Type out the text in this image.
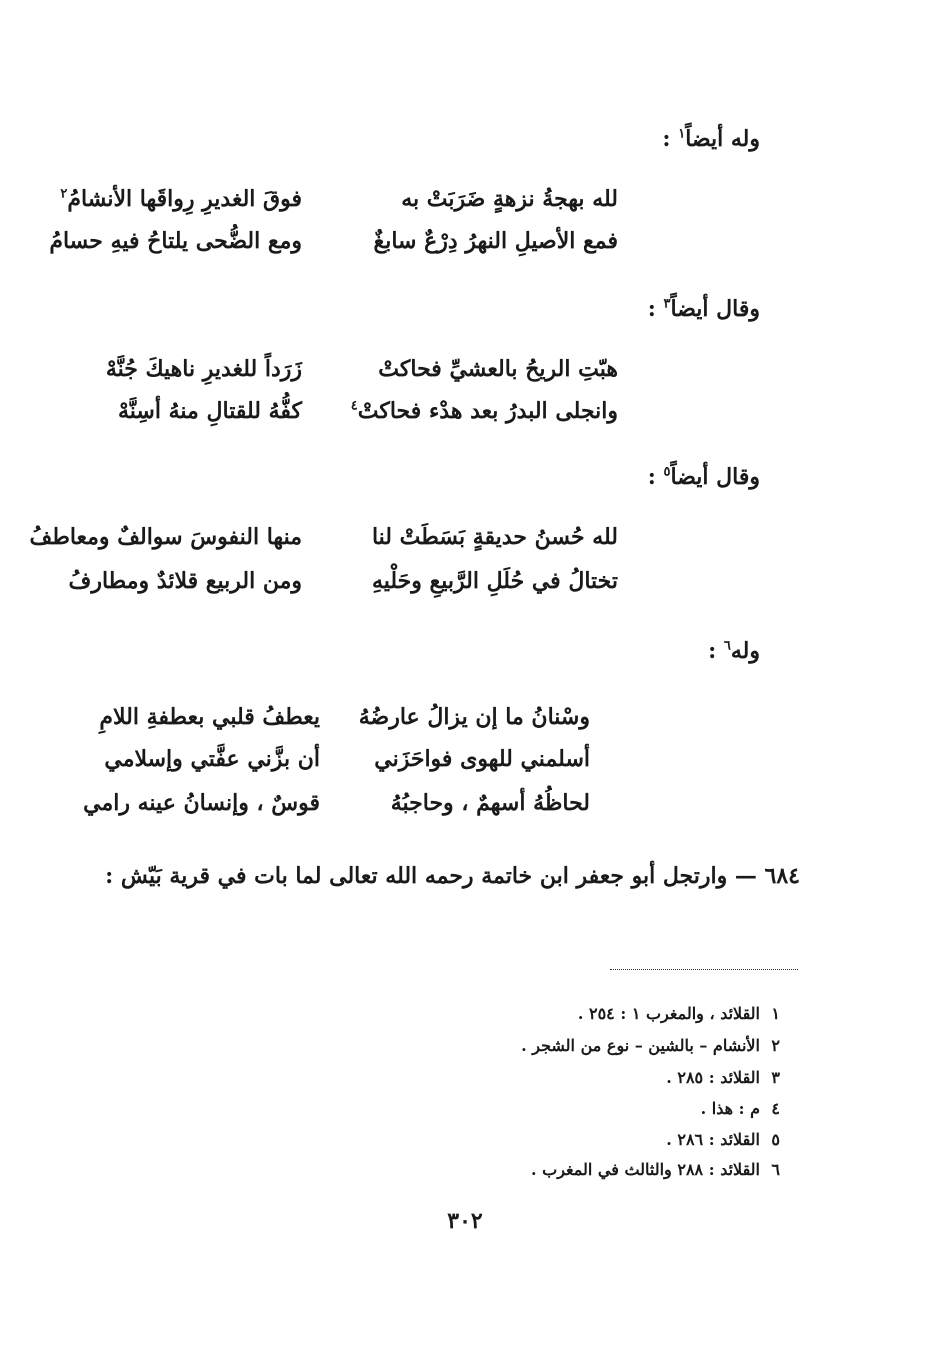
وله أيضاً$^١$ :
لله بهجةُ نزهةٍ ضَرَبَتْ به
فوقَ الغديرِ رِواقَها الأنشامُ$^٢$
فمع الأصيلِ النهرُ دِرْعٌ سابغٌ
ومع الضُّحى يلتاحُ فيهِ حسامُ
وقال أيضاً$^٣$ :
هبّتِ الريحُ بالعشيِّ فحاكتْ
زَرَداً للغديرِ ناهيكَ جُنَّهْ
وانجلى البدرُ بعد هدْء فحاكتْ$^٤$
كفُّهُ للقتالِ منهُ أسِنَّهْ
وقال أيضاً$^٥$ :
لله حُسنُ حديقةٍ بَسَطَتْ لنا
منها النفوسَ سوالفٌ ومعاطفُ
تختالُ في حُلَلِ الرَّبيعِ وحَلْيهِ
ومن الربيع قلائدٌ ومطارفُ
وله$^٦$ :
وسْنانُ ما إن يزالُ عارضُهُ
يعطفُ قلبي بعطفةِ اللامِ
أسلمني للهوى فواحَزَني
أن بزَّني عفَّتي وإسلامي
لحاظُهُ أسهمٌ ، وحاجبُهُ
قوسٌ ، وإنسانُ عينه رامي
٦٨٤ — وارتجل أبو جعفر ابن خاتمة رحمه الله تعالى لما بات في قرية بَيّش :
١القلائد ، والمغرب ١ : ٢٥٤ .
٢الأنشام – بالشين – نوع من الشجر .
٣القلائد : ٢٨٥ .
٤م : هذا .
٥القلائد : ٢٨٦ .
٦القلائد : ٢٨٨ والثالث في المغرب .
٣٠٢
